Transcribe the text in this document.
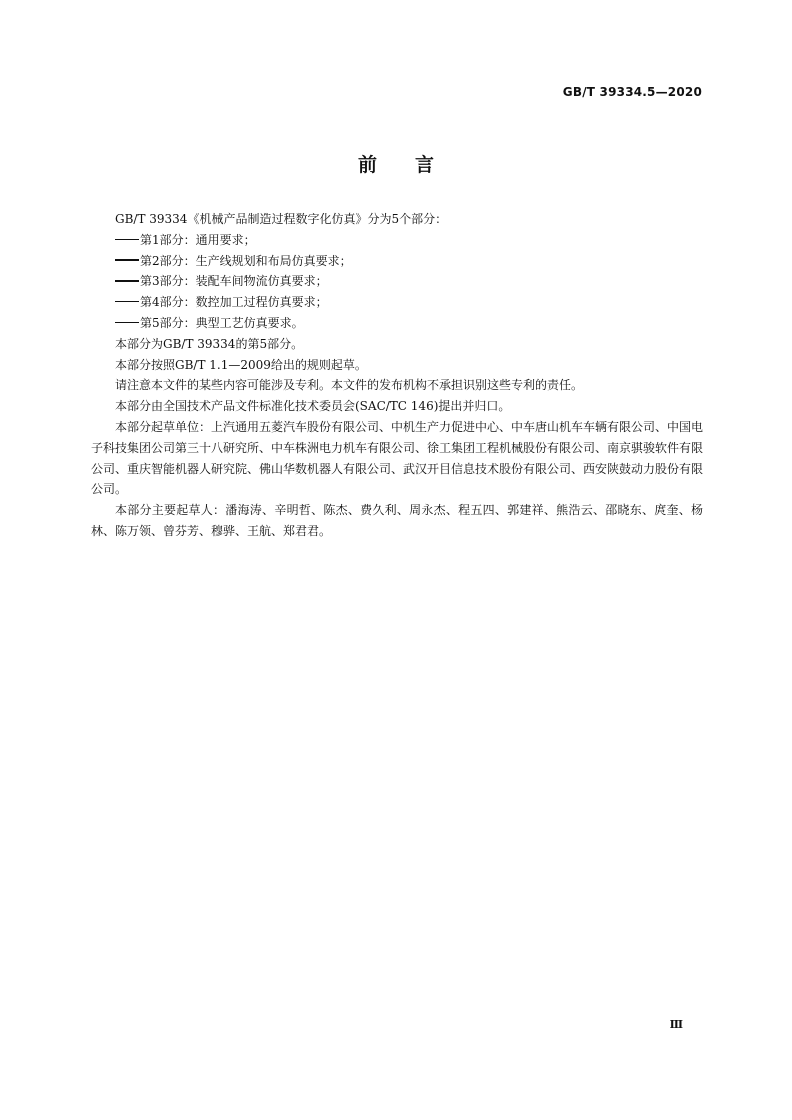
GB/T 39334.5—2020
前 言

GB/T 39334《机械产品制造过程数字化仿真》分为5个部分：

第1部分：通用要求；

第2部分：生产线规划和布局仿真要求；

第3部分：装配车间物流仿真要求；

第4部分：数控加工过程仿真要求；

第5部分：典型工艺仿真要求。

本部分为GB/T 39334的第5部分。

本部分按照GB/T 1.1—2009给出的规则起草。

请注意本文件的某些内容可能涉及专利。本文件的发布机构不承担识别这些专利的责任。

本部分由全国技术产品文件标准化技术委员会(SAC/TC 146)提出并归口。

本部分起草单位：上汽通用五菱汽车股份有限公司、中机生产力促进中心、中车唐山机车车辆有限公司、中国电子科技集团公司第三十八研究所、中车株洲电力机车有限公司、徐工集团工程机械股份有限公司、南京骐骏软件有限公司、重庆智能机器人研究院、佛山华数机器人有限公司、武汉开目信息技术股份有限公司、西安陕鼓动力股份有限公司。

本部分主要起草人：潘海涛、辛明哲、陈杰、费久利、周永杰、程五四、郭建祥、熊浩云、邵晓东、庹奎、杨林、陈万领、曾芬芳、穆骅、王航、郑君君。

Ⅲ
